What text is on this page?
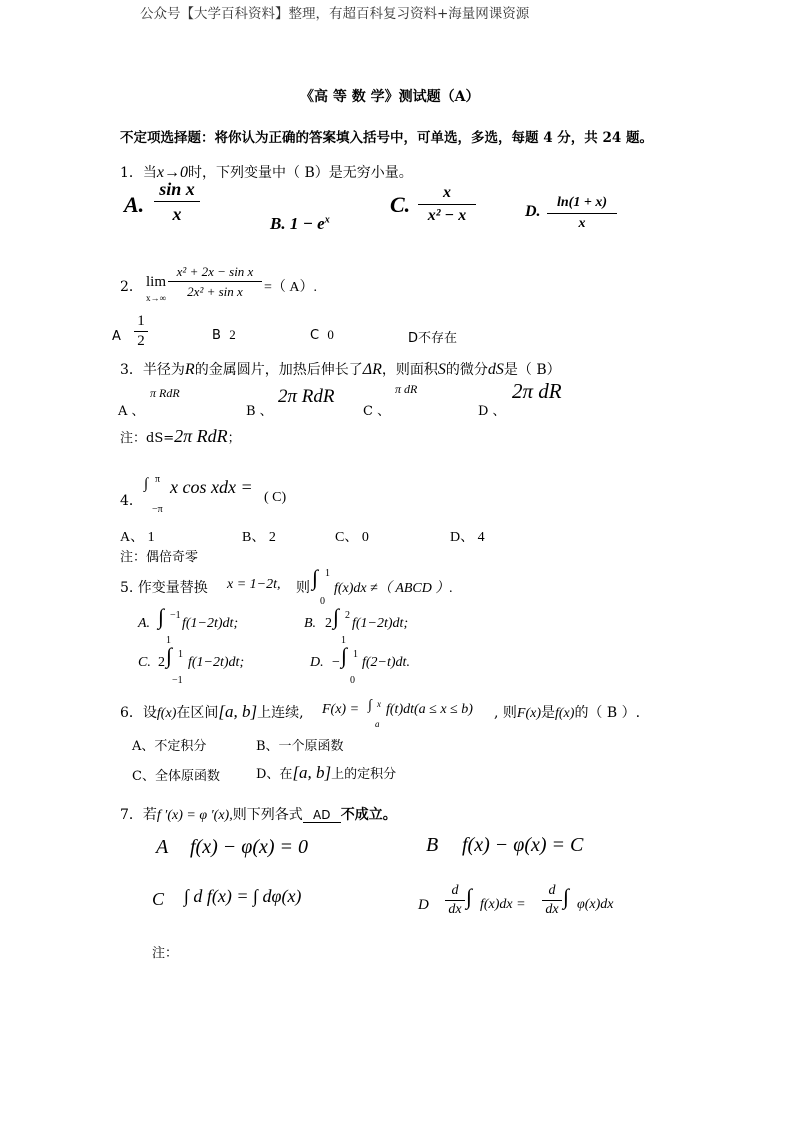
公众号【大学百科资料】整理，有超百科复习资料+海量网课资源
《高 等 数 学》测试题（A）
不定项选择题：将你认为正确的答案填入括号中，可单选，多选，每题 4 分，共 24 题。
1．当x→0时，下列变量中（ B）是无穷小量。
A.
sin x
x	B. $1 - e^x$
C.	x
x² − x	D.
ln(1 + x)
x
2． lim
x→∞
x² + 2x − sin x
2x² + sin x	=（ A）.
A
1
2	B 2	C 0	D不存在
3．半径为R的金属圆片，加热后伸长了ΔR，则面积S的微分dS是（ B）
A 、
π RdR
B 、
2π RdR
C 、
π dR
D 、
2π dR
注：dS=2π RdR；
4．
∫ π
−π
x cos xdx =
( C)
A、 1	B、 2	C、 0	D、 4
注：偶倍奇零
5. 作变量替换 x = 1−2t, 则 ∫ 1
0
f(x)dx ≠（ ABCD ）.
A. ∫ −1
1
f(1−2t)dt;	B. 2 ∫ 2
1
f(1−2t)dt;
C. 2 ∫ 1
−1
f(1−2t)dt;	D. − ∫ 1
0
f(2−t)dt.
6．设f(x)在区间[a, b]上连续, F(x) = ∫ x
a
f(t)dt(a ≤ x ≤ b) , 则F(x)是f(x)的（ B ）.
A、不定积分	B、一个原函数
C、全体原函数	D、在[a, b]上的定积分
7．若f ′(x) = φ ′(x),则下列各式 AD 不成立。
A f(x) − φ(x) = 0	B f(x) − φ(x) = C
C ∫ d f(x) = ∫ dφ(x)	D
d
dx
∫ f(x)dx =
d
dx
∫ φ(x)dx
注：
